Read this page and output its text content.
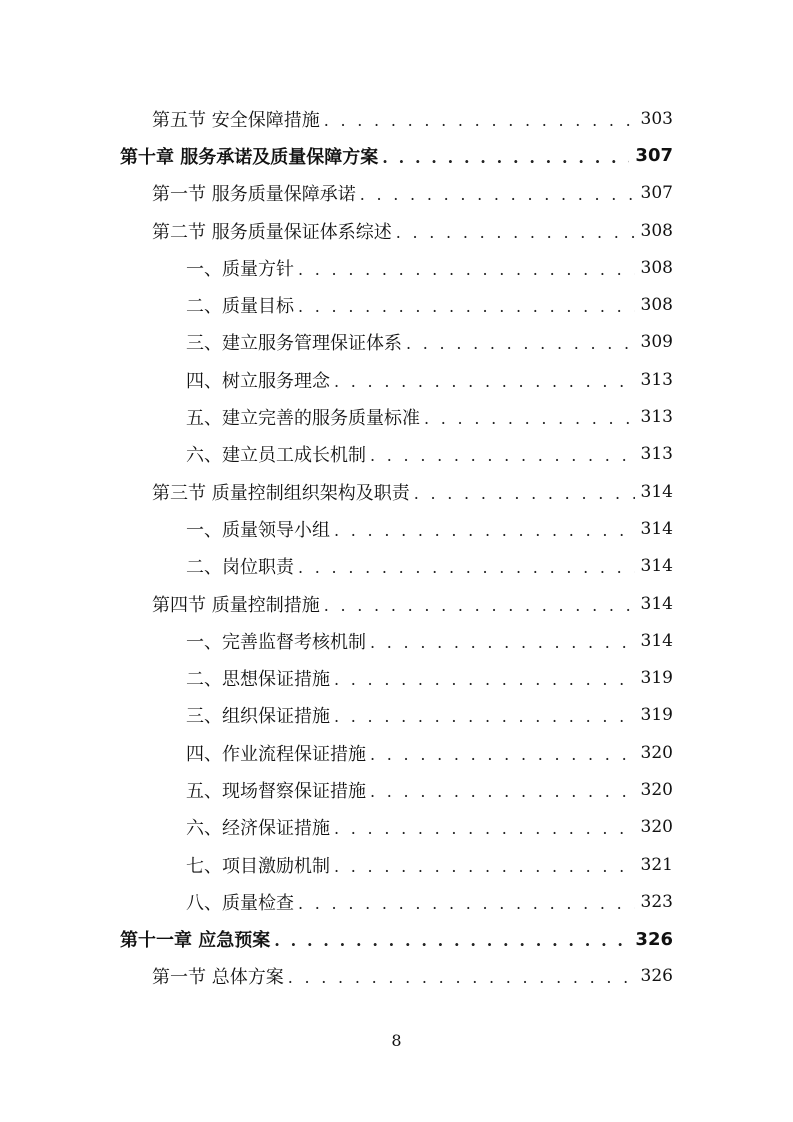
第五节 安全保障措施 . . .	303
第十章 服务承诺及质量保障方案 . . .	307
第一节 服务质量保障承诺 . . .	307
第二节 服务质量保证体系综述 . . .	308
一、质量方针 . . .	308
二、质量目标 . . .	308
三、建立服务管理保证体系 . . .	309
四、树立服务理念 . . .	313
五、建立完善的服务质量标准 . . .	313
六、建立员工成长机制 . . .	313
第三节 质量控制组织架构及职责 . . .	314
一、质量领导小组 . . .	314
二、岗位职责 . . .	314
第四节 质量控制措施 . . .	314
一、完善监督考核机制 . . .	314
二、思想保证措施 . . .	319
三、组织保证措施 . . .	319
四、作业流程保证措施 . . .	320
五、现场督察保证措施 . . .	320
六、经济保证措施 . . .	320
七、项目激励机制 . . .	321
八、质量检查 . . .	323
第十一章 应急预案 . . .	326
第一节 总体方案 . . .	326
8
